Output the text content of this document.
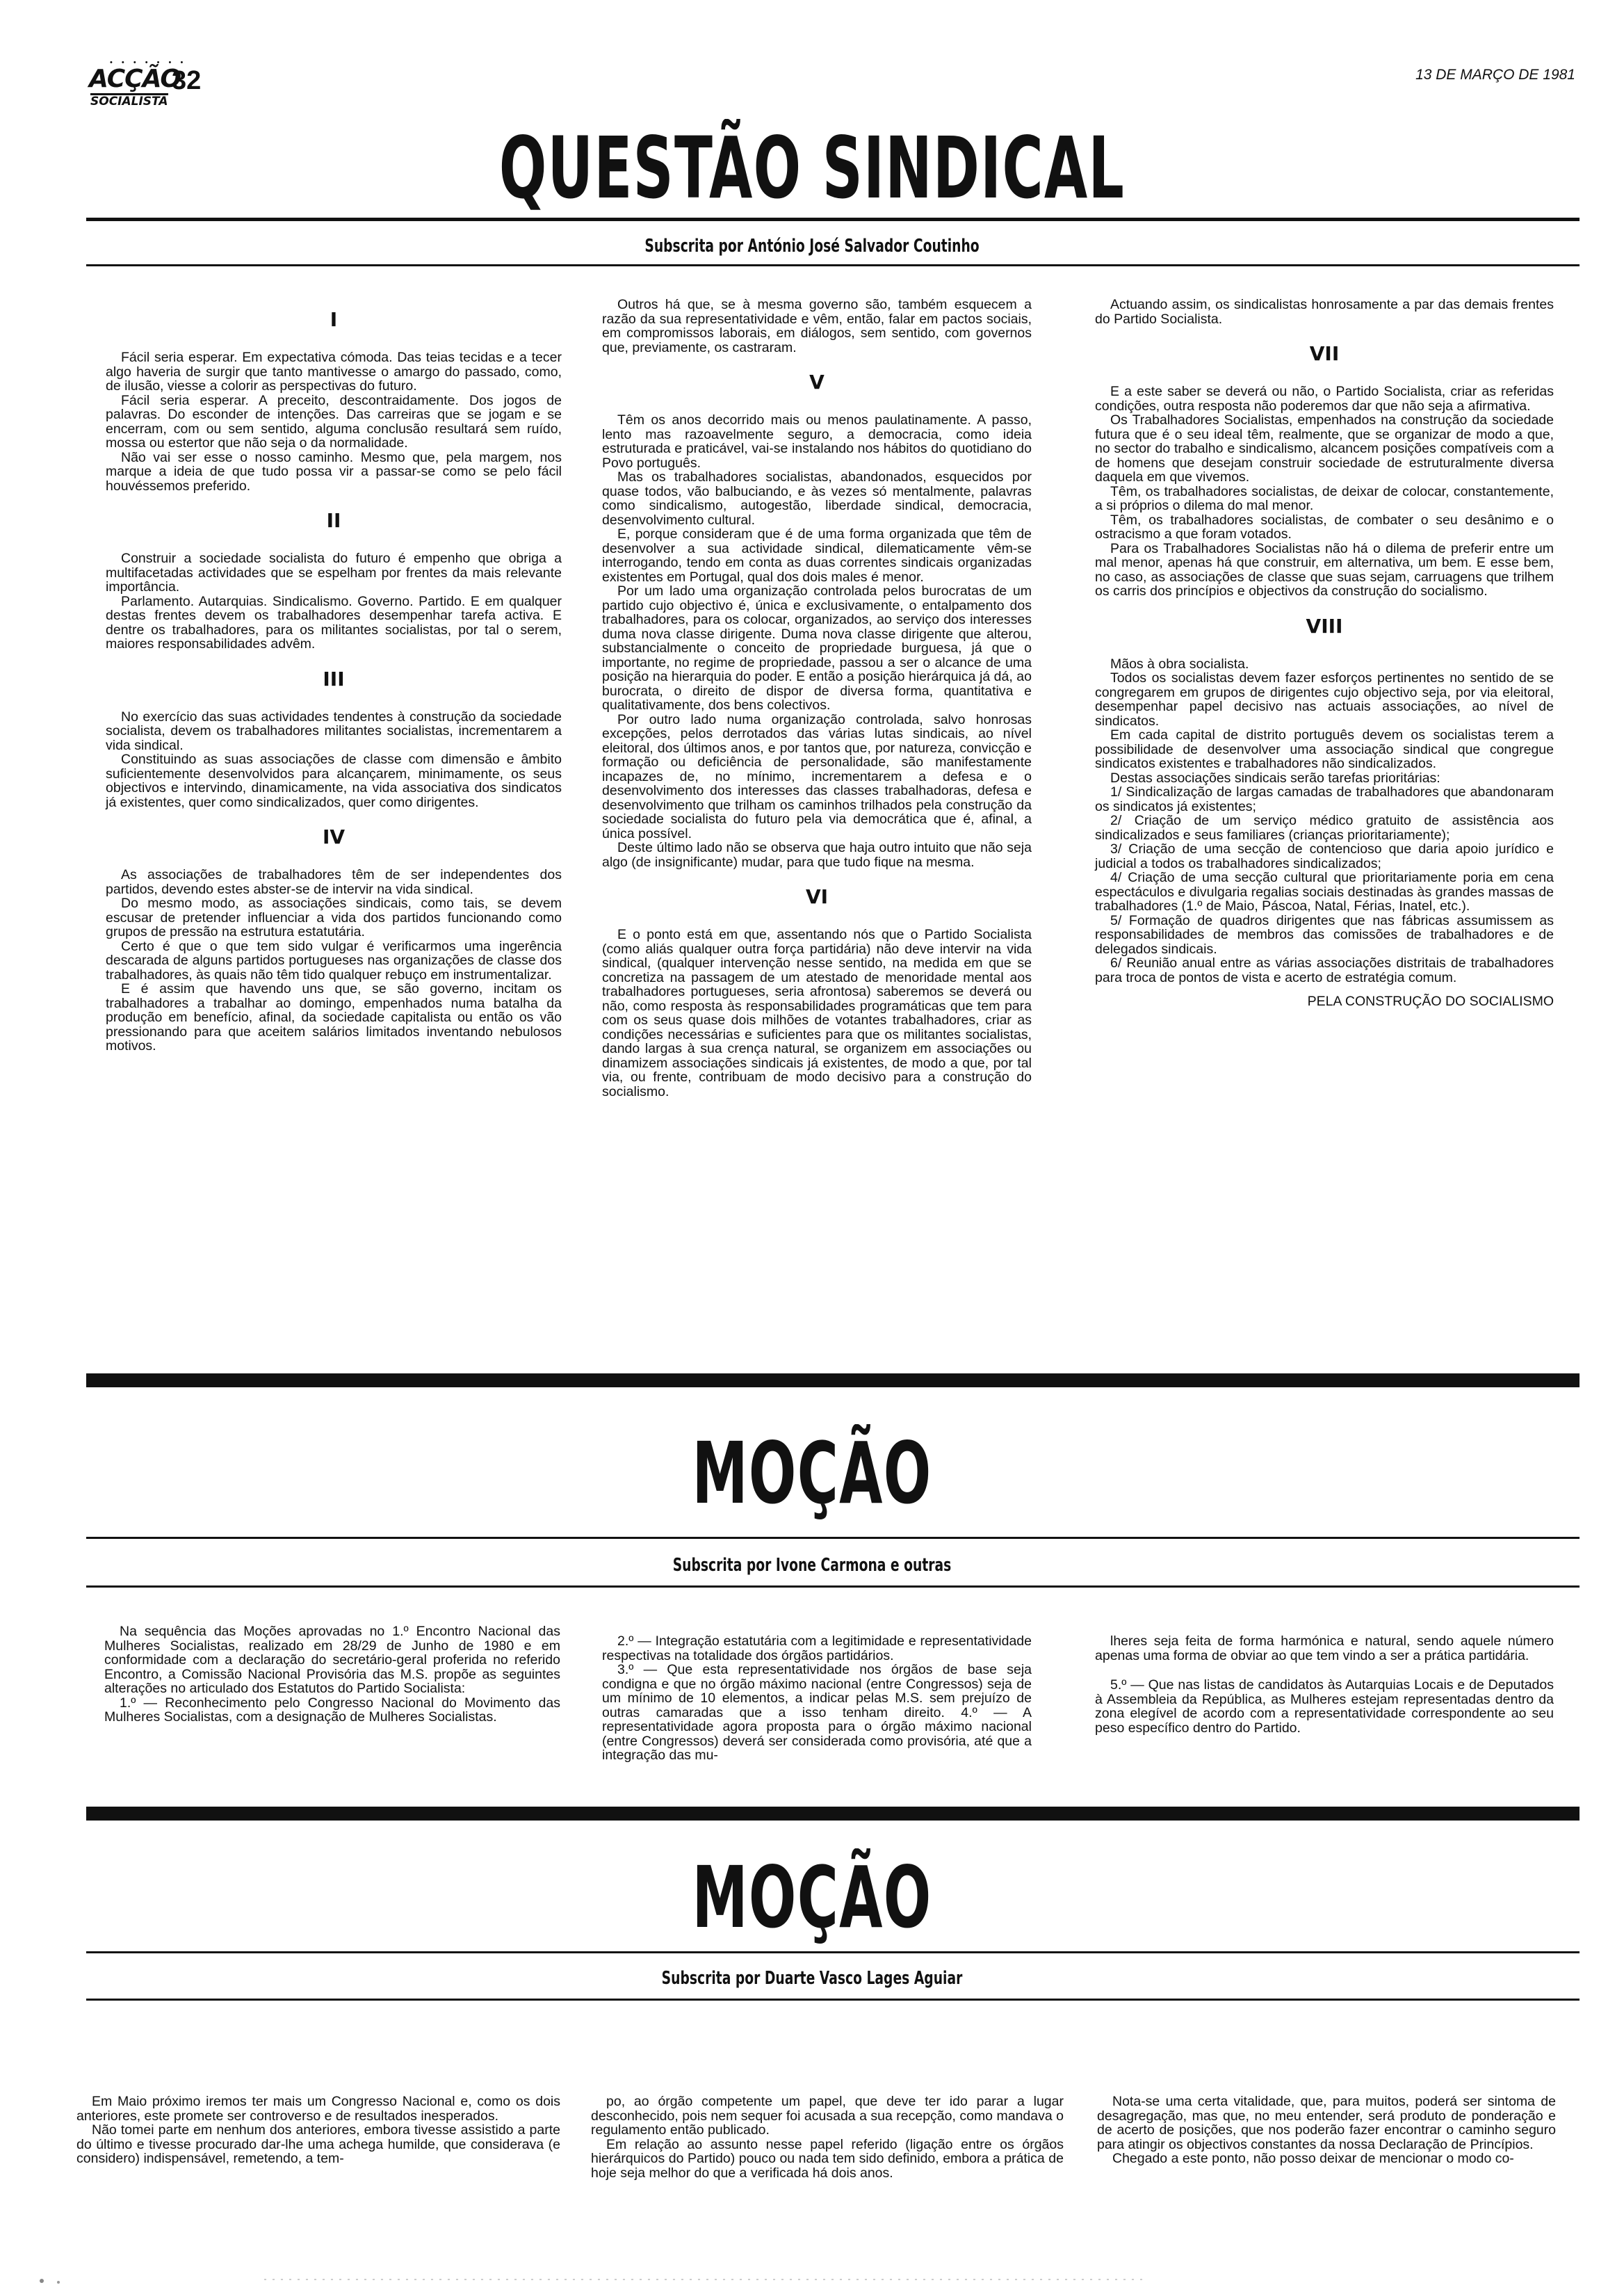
• • • • • • •
ACÇÃO
SOCIALISTA
32	13 DE MARÇO DE 1981
QUESTÃO SINDICAL
Subscrita por António José Salvador Coutinho
I

Fácil seria esperar. Em expectativa cómoda. Das teias tecidas e a tecer algo haveria de surgir que tanto mantivesse o amargo do passado, como, de ilusão, viesse a colorir as perspectivas do futuro.

Fácil seria esperar. A preceito, descontraidamente. Dos jogos de palavras. Do esconder de intenções. Das carreiras que se jogam e se encerram, com ou sem sentido, alguma conclusão resultará sem ruído, mossa ou estertor que não seja o da normalidade.

Não vai ser esse o nosso caminho. Mesmo que, pela margem, nos marque a ideia de que tudo possa vir a passar-se como se pelo fácil houvéssemos preferido.

II

Construir a sociedade socialista do futuro é empenho que obriga a multifacetadas actividades que se espelham por frentes da mais relevante importância.

Parlamento. Autarquias. Sindicalismo. Governo. Partido. E em qualquer destas frentes devem os trabalhadores desempenhar tarefa activa. E dentre os trabalhadores, para os militantes socialistas, por tal o serem, maiores responsabilidades advêm.

III

No exercício das suas actividades tendentes à construção da sociedade socialista, devem os trabalhadores militantes socialistas, incrementarem a vida sindical.

Constituindo as suas associações de classe com dimensão e âmbito suficientemente desenvolvidos para alcançarem, minimamente, os seus objectivos e intervindo, dinamicamente, na vida associativa dos sindicatos já existentes, quer como sindicalizados, quer como dirigentes.

IV

As associações de trabalhadores têm de ser independentes dos partidos, devendo estes abster-se de intervir na vida sindical.

Do mesmo modo, as associações sindicais, como tais, se devem escusar de pretender influenciar a vida dos partidos funcionando como grupos de pressão na estrutura estatutária.

Certo é que o que tem sido vulgar é verificarmos uma ingerência descarada de alguns partidos portugueses nas organizações de classe dos trabalhadores, às quais não têm tido qualquer rebuço em instrumentalizar.

E é assim que havendo uns que, se são governo, incitam os trabalhadores a trabalhar ao domingo, empenhados numa batalha da produção em benefício, afinal, da sociedade capitalista ou então os vão pressionando para que aceitem salários limitados inventando nebulosos motivos.

Outros há que, se à mesma governo são, também esquecem a razão da sua representatividade e vêm, então, falar em pactos sociais, em compromissos laborais, em diálogos, sem sentido, com governos que, previamente, os castraram.

V

Têm os anos decorrido mais ou menos paulatinamente. A passo, lento mas razoavelmente seguro, a democracia, como ideia estruturada e praticável, vai-se instalando nos hábitos do quotidiano do Povo português.

Mas os trabalhadores socialistas, abandonados, esquecidos por quase todos, vão balbuciando, e às vezes só mentalmente, palavras como sindicalismo, autogestão, liberdade sindical, democracia, desenvolvimento cultural.

E, porque consideram que é de uma forma organizada que têm de desenvolver a sua actividade sindical, dilematicamente vêm-se interrogando, tendo em conta as duas correntes sindicais organizadas existentes em Portugal, qual dos dois males é menor.

Por um lado uma organização controlada pelos burocratas de um partido cujo objectivo é, única e exclusivamente, o entalpamento dos trabalhadores, para os colocar, organizados, ao serviço dos interesses duma nova classe dirigente. Duma nova classe dirigente que alterou, substancialmente o conceito de propriedade burguesa, já que o importante, no regime de propriedade, passou a ser o alcance de uma posição na hierarquia do poder. E então a posição hierárquica já dá, ao burocrata, o direito de dispor de diversa forma, quantitativa e qualitativamente, dos bens colectivos.

Por outro lado numa organização controlada, salvo honrosas excepções, pelos derrotados das várias lutas sindicais, ao nível eleitoral, dos últimos anos, e por tantos que, por natureza, convicção e formação ou deficiência de personalidade, são manifestamente incapazes de, no mínimo, incrementarem a defesa e o desenvolvimento dos interesses das classes trabalhadoras, defesa e desenvolvimento que trilham os caminhos trilhados pela construção da sociedade socialista do futuro pela via democrática que é, afinal, a única possível.

Deste último lado não se observa que haja outro intuito que não seja algo (de insignificante) mudar, para que tudo fique na mesma.

VI

E o ponto está em que, assentando nós que o Partido Socialista (como aliás qualquer outra força partidária) não deve intervir na vida sindical, (qualquer intervenção nesse sentido, na medida em que se concretiza na passagem de um atestado de menoridade mental aos trabalhadores portugueses, seria afrontosa) saberemos se deverá ou não, como resposta às responsabilidades programáticas que tem para com os seus quase dois milhões de votantes trabalhadores, criar as condições necessárias e suficientes para que os militantes socialistas, dando largas à sua crença natural, se organizem em associações ou dinamizem associações sindicais já existentes, de modo a que, por tal via, ou frente, contribuam de modo decisivo para a construção do socialismo.

Actuando assim, os sindicalistas honrosamente a par das demais frentes do Partido Socialista.

VII

E a este saber se deverá ou não, o Partido Socialista, criar as referidas condições, outra resposta não poderemos dar que não seja a afirmativa.

Os Trabalhadores Socialistas, empenhados na construção da sociedade futura que é o seu ideal têm, realmente, que se organizar de modo a que, no sector do trabalho e sindicalismo, alcancem posições compatíveis com a de homens que desejam construir sociedade de estruturalmente diversa daquela em que vivemos.

Têm, os trabalhadores socialistas, de deixar de colocar, constantemente, a si próprios o dilema do mal menor.

Têm, os trabalhadores socialistas, de combater o seu desânimo e o ostracismo a que foram votados.

Para os Trabalhadores Socialistas não há o dilema de preferir entre um mal menor, apenas há que construir, em alternativa, um bem. E esse bem, no caso, as associações de classe que suas sejam, carruagens que trilhem os carris dos princípios e objectivos da construção do socialismo.

VIII

Mãos à obra socialista.

Todos os socialistas devem fazer esforços pertinentes no sentido de se congregarem em grupos de dirigentes cujo objectivo seja, por via eleitoral, desempenhar papel decisivo nas actuais associações, ao nível de sindicatos.

Em cada capital de distrito português devem os socialistas terem a possibilidade de desenvolver uma associação sindical que congregue sindicatos existentes e trabalhadores não sindicalizados.

Destas associações sindicais serão tarefas prioritárias:

1/ Sindicalização de largas camadas de trabalhadores que abandonaram os sindicatos já existentes;

2/ Criação de um serviço médico gratuito de assistência aos sindicalizados e seus familiares (crianças prioritariamente);

3/ Criação de uma secção de contencioso que daria apoio jurídico e judicial a todos os trabalhadores sindicalizados;

4/ Criação de uma secção cultural que prioritariamente poria em cena espectáculos e divulgaria regalias sociais destinadas às grandes massas de trabalhadores (1.º de Maio, Páscoa, Natal, Férias, Inatel, etc.).

5/ Formação de quadros dirigentes que nas fábricas assumissem as responsabilidades de membros das comissões de trabalhadores e de delegados sindicais.

6/ Reunião anual entre as várias associações distritais de trabalhadores para troca de pontos de vista e acerto de estratégia comum.

PELA CONSTRUÇÃO DO SOCIALISMO

MOÇÃO
Subscrita por Ivone Carmona e outras

Na sequência das Moções aprovadas no 1.º Encontro Nacional das Mulheres Socialistas, realizado em 28/29 de Junho de 1980 e em conformidade com a declaração do secretário-geral proferida no referido Encontro, a Comissão Nacional Provisória das M.S. propõe as seguintes alterações no articulado dos Estatutos do Partido Socialista:

1.º — Reconhecimento pelo Congresso Nacional do Movimento das Mulheres Socialistas, com a designação de Mulheres Socialistas.

2.º — Integração estatutária com a legitimidade e representatividade respectivas na totalidade dos órgãos partidários.

3.º — Que esta representatividade nos órgãos de base seja condigna e que no órgão máximo nacional (entre Congressos) seja de um mínimo de 10 elementos, a indicar pelas M.S. sem prejuízo de outras camaradas que a isso tenham direito. 4.º — A representatividade agora proposta para o órgão máximo nacional (entre Congressos) deverá ser considerada como provisória, até que a integração das mu-

lheres seja feita de forma harmónica e natural, sendo aquele número apenas uma forma de obviar ao que tem vindo a ser a prática partidária.

5.º — Que nas listas de candidatos às Autarquias Locais e de Deputados à Assembleia da República, as Mulheres estejam representadas dentro da zona elegível de acordo com a representatividade correspondente ao seu peso específico dentro do Partido.

MOÇÃO
Subscrita por Duarte Vasco Lages Aguiar

Em Maio próximo iremos ter mais um Congresso Nacional e, como os dois anteriores, este promete ser controverso e de resultados inesperados.

Não tomei parte em nenhum dos anteriores, embora tivesse assistido a parte do último e tivesse procurado dar-lhe uma achega humilde, que considerava (e considero) indispensável, remetendo, a tem-

po, ao órgão competente um papel, que deve ter ido parar a lugar desconhecido, pois nem sequer foi acusada a sua recepção, como mandava o regulamento então publicado.

Em relação ao assunto nesse papel referido (ligação entre os órgãos hierárquicos do Partido) pouco ou nada tem sido definido, embora a prática de hoje seja melhor do que a verificada há dois anos.

Nota-se uma certa vitalidade, que, para muitos, poderá ser sintoma de desagregação, mas que, no meu entender, será produto de ponderação e de acerto de posições, que nos poderão fazer encontrar o caminho seguro para atingir os objectivos constantes da nossa Declaração de Princípios.

Chegado a este ponto, não posso deixar de mencionar o modo co-
